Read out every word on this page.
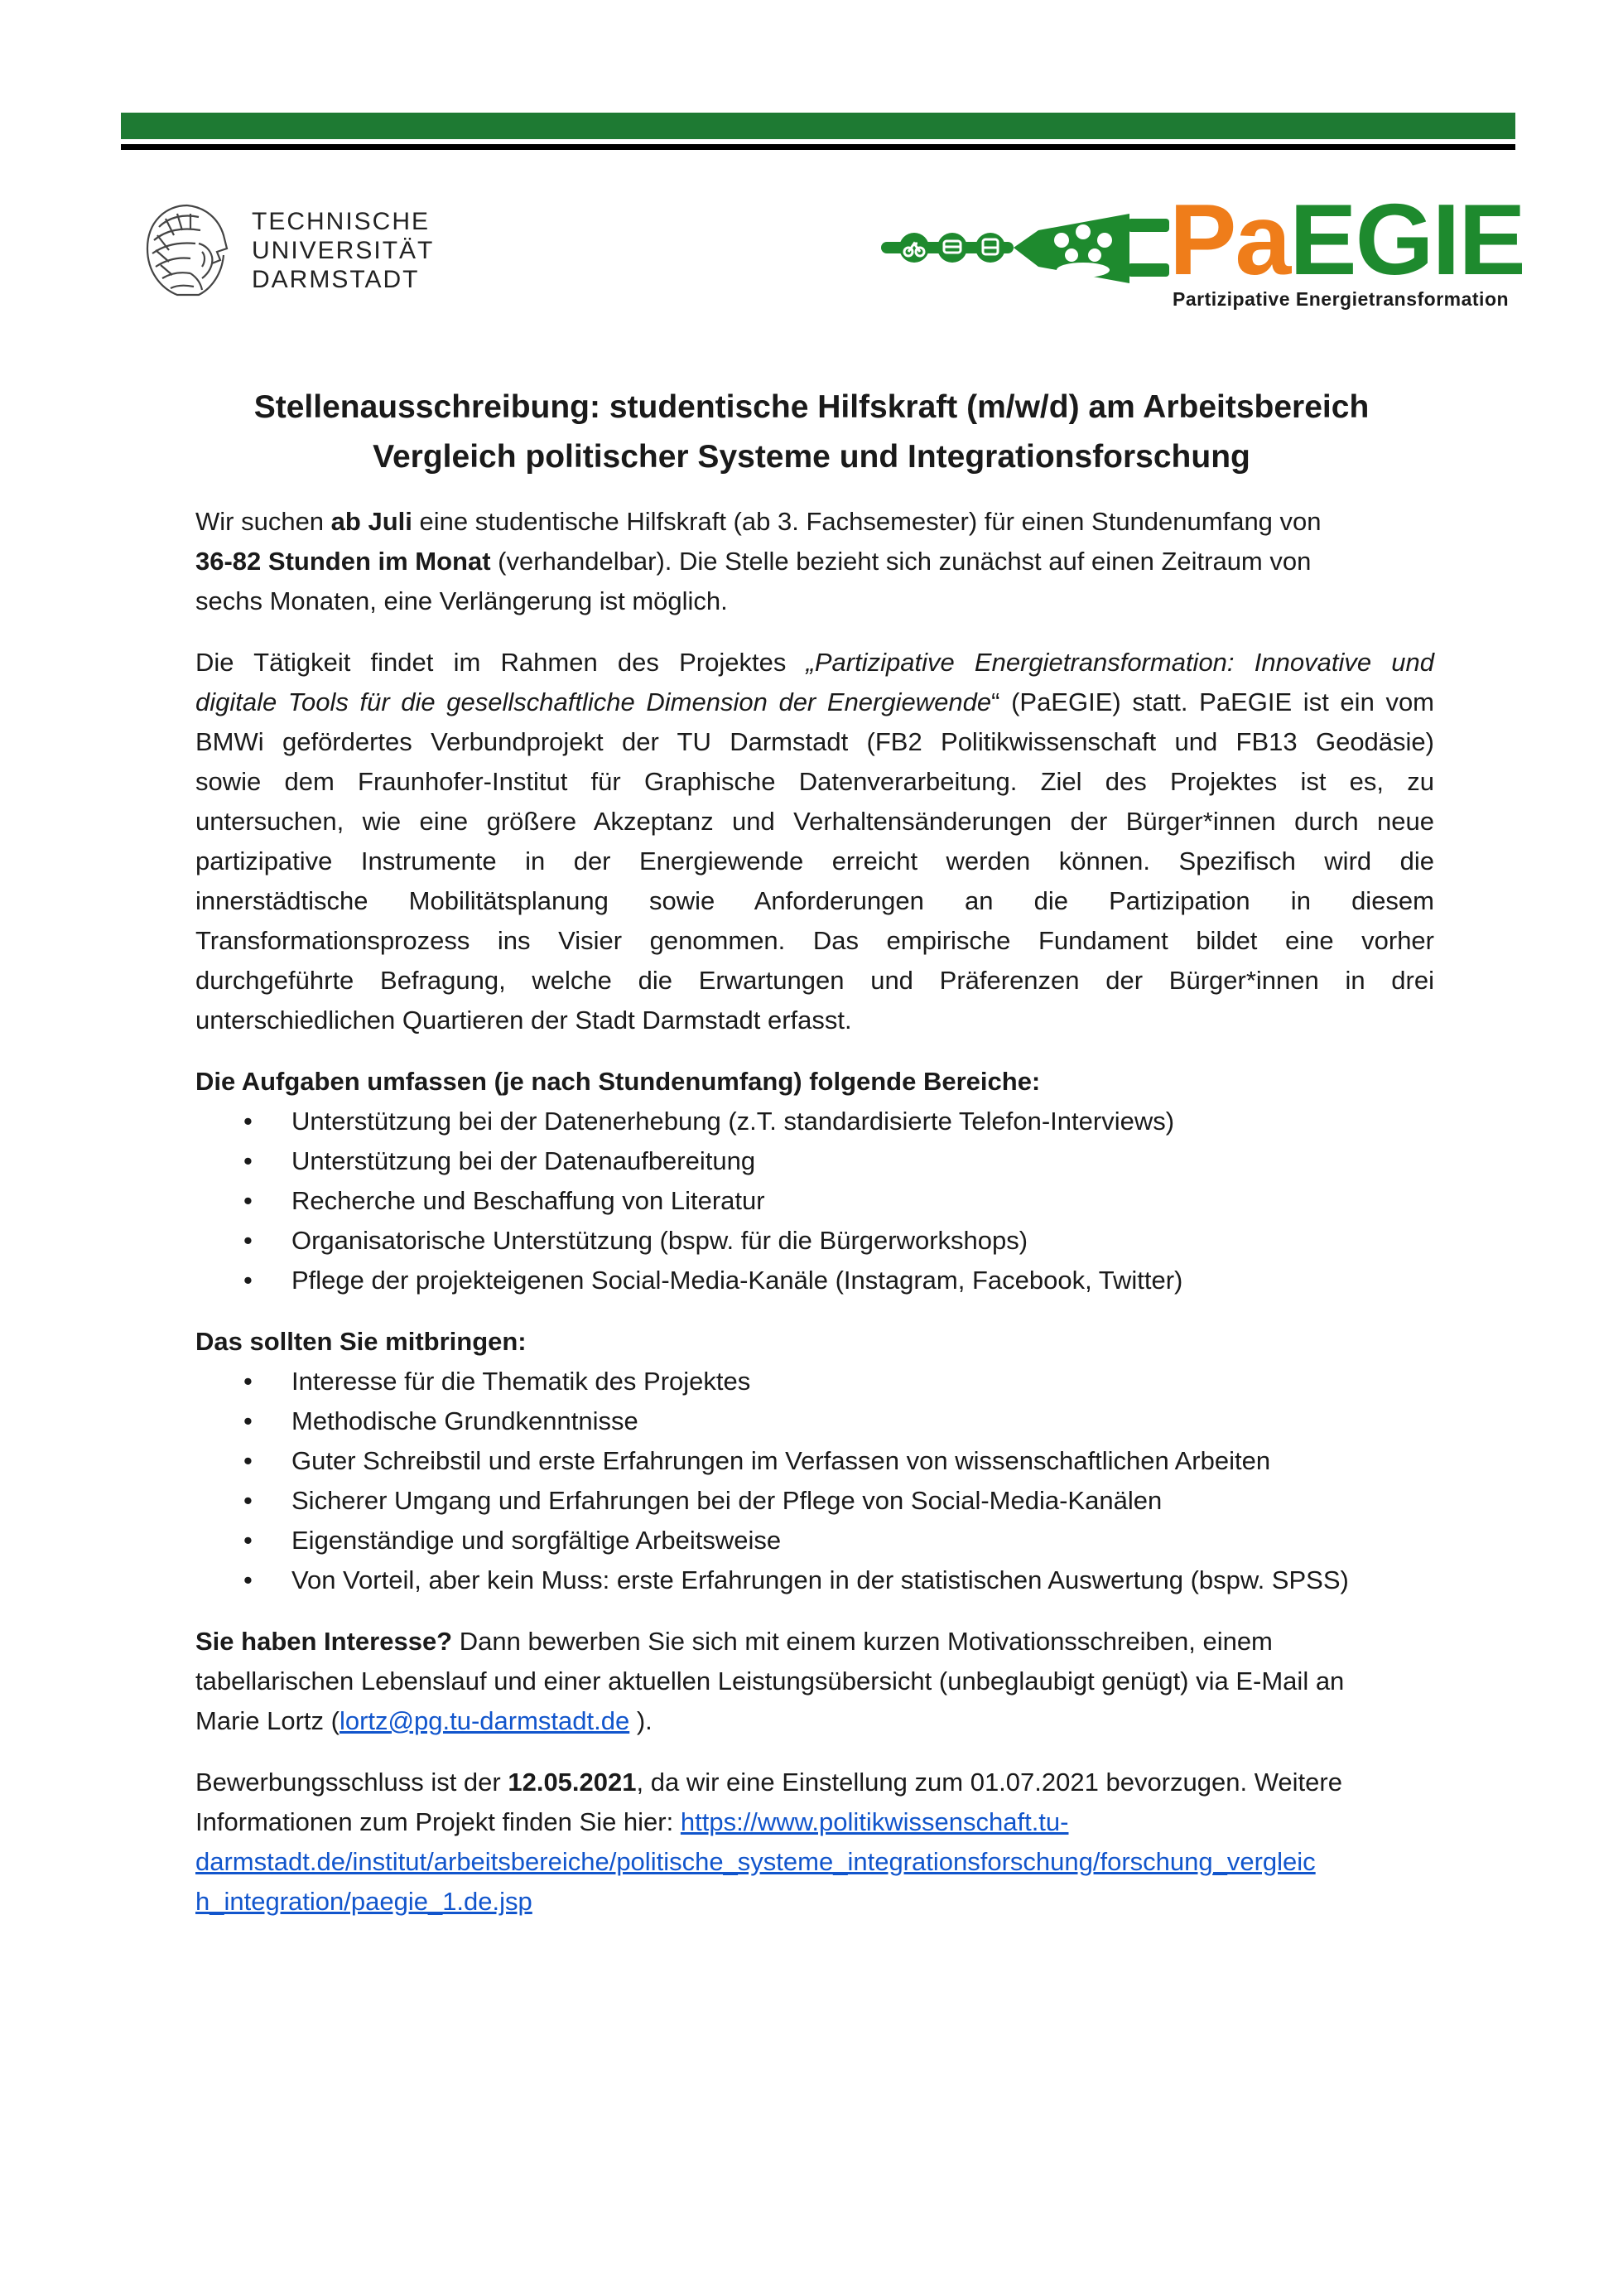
TECHNISCHE
UNIVERSITÄT
DARMSTADT	PaEGIE
Partizipative Energietransformation
Stellenausschreibung: studentische Hilfskraft (m/w/d) am Arbeitsbereich
Vergleich politischer Systeme und Integrationsforschung
Wir suchen ab Juli eine studentische Hilfskraft (ab 3. Fachsemester) für einen Stundenumfang von
36-82 Stunden im Monat (verhandelbar). Die Stelle bezieht sich zunächst auf einen Zeitraum von
sechs Monaten, eine Verlängerung ist möglich.
Die Tätigkeit findet im Rahmen des Projektes „Partizipative Energietransformation: Innovative und
digitale Tools für die gesellschaftliche Dimension der Energiewende“ (PaEGIE) statt. PaEGIE ist ein vom
BMWi gefördertes Verbundprojekt der TU Darmstadt (FB2 Politikwissenschaft und FB13 Geodäsie)
sowie dem Fraunhofer-Institut für Graphische Datenverarbeitung. Ziel des Projektes ist es, zu
untersuchen, wie eine größere Akzeptanz und Verhaltensänderungen der Bürger*innen durch neue
partizipative Instrumente in der Energiewende erreicht werden können. Spezifisch wird die
innerstädtische Mobilitätsplanung sowie Anforderungen an die Partizipation in diesem
Transformationsprozess ins Visier genommen. Das empirische Fundament bildet eine vorher
durchgeführte Befragung, welche die Erwartungen und Präferenzen der Bürger*innen in drei
unterschiedlichen Quartieren der Stadt Darmstadt erfasst.
Die Aufgaben umfassen (je nach Stundenumfang) folgende Bereiche:
• Unterstützung bei der Datenerhebung (z.T. standardisierte Telefon-Interviews)
• Unterstützung bei der Datenaufbereitung
• Recherche und Beschaffung von Literatur
• Organisatorische Unterstützung (bspw. für die Bürgerworkshops)
• Pflege der projekteigenen Social-Media-Kanäle (Instagram, Facebook, Twitter)
Das sollten Sie mitbringen:
• Interesse für die Thematik des Projektes
• Methodische Grundkenntnisse
• Guter Schreibstil und erste Erfahrungen im Verfassen von wissenschaftlichen Arbeiten
• Sicherer Umgang und Erfahrungen bei der Pflege von Social-Media-Kanälen
• Eigenständige und sorgfältige Arbeitsweise
• Von Vorteil, aber kein Muss: erste Erfahrungen in der statistischen Auswertung (bspw. SPSS)
Sie haben Interesse? Dann bewerben Sie sich mit einem kurzen Motivationsschreiben, einem
tabellarischen Lebenslauf und einer aktuellen Leistungsübersicht (unbeglaubigt genügt) via E-Mail an
Marie Lortz (lortz@pg.tu-darmstadt.de ).
Bewerbungsschluss ist der 12.05.2021, da wir eine Einstellung zum 01.07.2021 bevorzugen. Weitere
Informationen zum Projekt finden Sie hier: https://www.politikwissenschaft.tu-
darmstadt.de/institut/arbeitsbereiche/politische_systeme_integrationsforschung/forschung_vergleic
h_integration/paegie_1.de.jsp
